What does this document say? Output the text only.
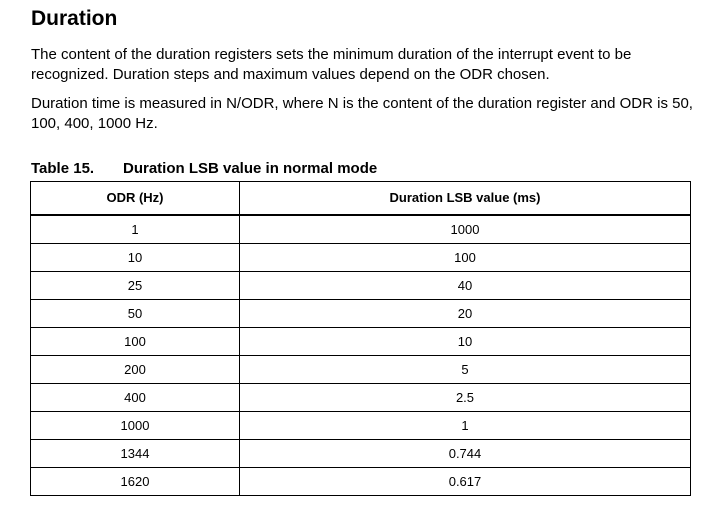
Duration

The content of the duration registers sets the minimum duration of the interrupt event to be recognized. Duration steps and maximum values depend on the ODR chosen.

Duration time is measured in N/ODR, where N is the content of the duration register and ODR is 50, 100, 400, 1000 Hz.

Table 15. Duration LSB value in normal mode
ODR (Hz)	Duration LSB value (ms)
1	1000
10	100
25	40
50	20
100	10
200	5
400	2.5
1000	1
1344	0.744
1620	0.617
